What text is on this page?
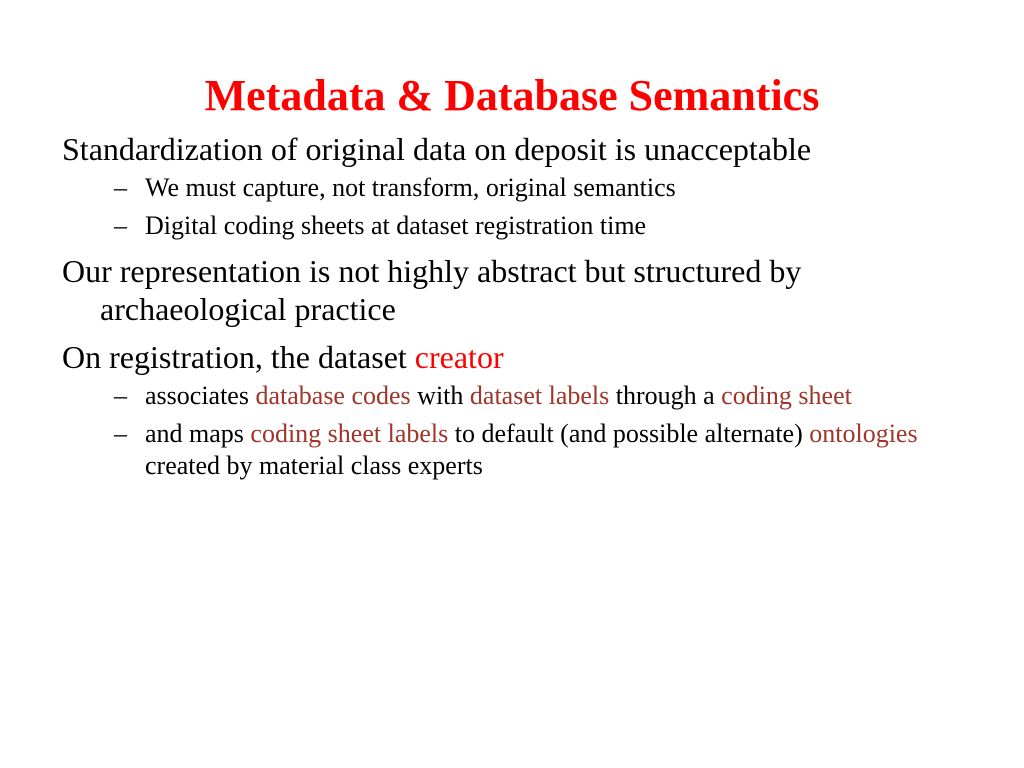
Metadata & Database Semantics

Standardization of original data on deposit is unacceptable

– We must capture, not transform, original semantics

– Digital coding sheets at dataset registration time

Our representation is not highly abstract but structured by archaeological practice

On registration, the dataset creator

– associates database codes with dataset labels through a coding sheet

– and maps coding sheet labels to default (and possible alternate) ontologies created by material class experts
